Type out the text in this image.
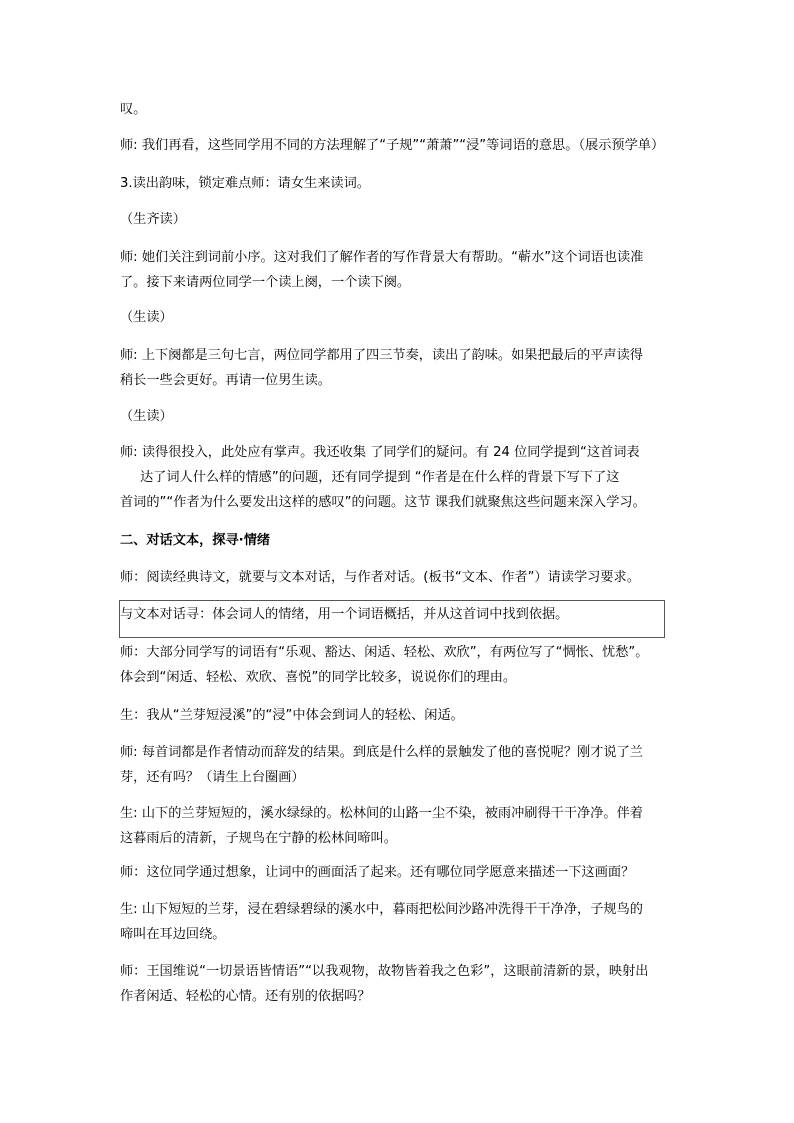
叹。
师: 我们再看，这些同学用不同的方法理解了“子规”“萧萧”“浸”等词语的意思。（展示预学单）
3.读出韵味，锁定难点师：请女生来读词。
（生齐读）
师: 她们关注到词前小序。这对我们了解作者的写作背景大有帮助。“蕲水”这个词语也读准
了。接下来请两位同学一个读上阕，一个读下阕。
（生读）
师: 上下阕都是三句七言，两位同学都用了四三节奏，读出了韵味。如果把最后的平声读得
稍长一些会更好。再请一位男生读。
（生读）
师: 读得很投入，此处应有掌声。我还收集 了同学们的疑问。有 24 位同学提到“这首词表
达了词人什么样的情感”的问题，还有同学提到 “作者是在什么样的背景下写下了这
首词的”“作者为什么要发出这样的感叹”的问题。这节 课我们就聚焦这些问题来深入学习。
二、对话文本，探寻·情绪
师：阅读经典诗文，就要与文本对话，与作者对话。(板书“文本、作者”）请读学习要求。
与文本对话寻：体会词人的情绪，用一个词语概括，并从这首词中找到依据。
师：大部分同学写的词语有“乐观、豁达、闲适、轻松、欢欣”，有两位写了“惆怅、忧愁”。
体会到“闲适、轻松、欢欣、喜悦”的同学比较多，说说你们的理由。
生：我从“兰芽短浸溪”的“浸”中体会到词人的轻松、闲适。
师: 每首词都是作者情动而辞发的结果。到底是什么样的景触发了他的喜悦呢？刚才说了兰
芽，还有吗？（请生上台圈画）
生: 山下的兰芽短短的，溪水绿绿的。松林间的山路一尘不染，被雨冲刷得干干净净。伴着
这暮雨后的清新，子规鸟在宁静的松林间啼叫。
师：这位同学通过想象，让词中的画面活了起来。还有哪位同学愿意来描述一下这画面？
生: 山下短短的兰芽，浸在碧绿碧绿的溪水中，暮雨把松间沙路冲洗得干干净净，子规鸟的
啼叫在耳边回绕。
师：王国维说“一切景语皆情语”“以我观物，故物皆着我之色彩”，这眼前清新的景，映射出
作者闲适、轻松的心情。还有别的依据吗？
